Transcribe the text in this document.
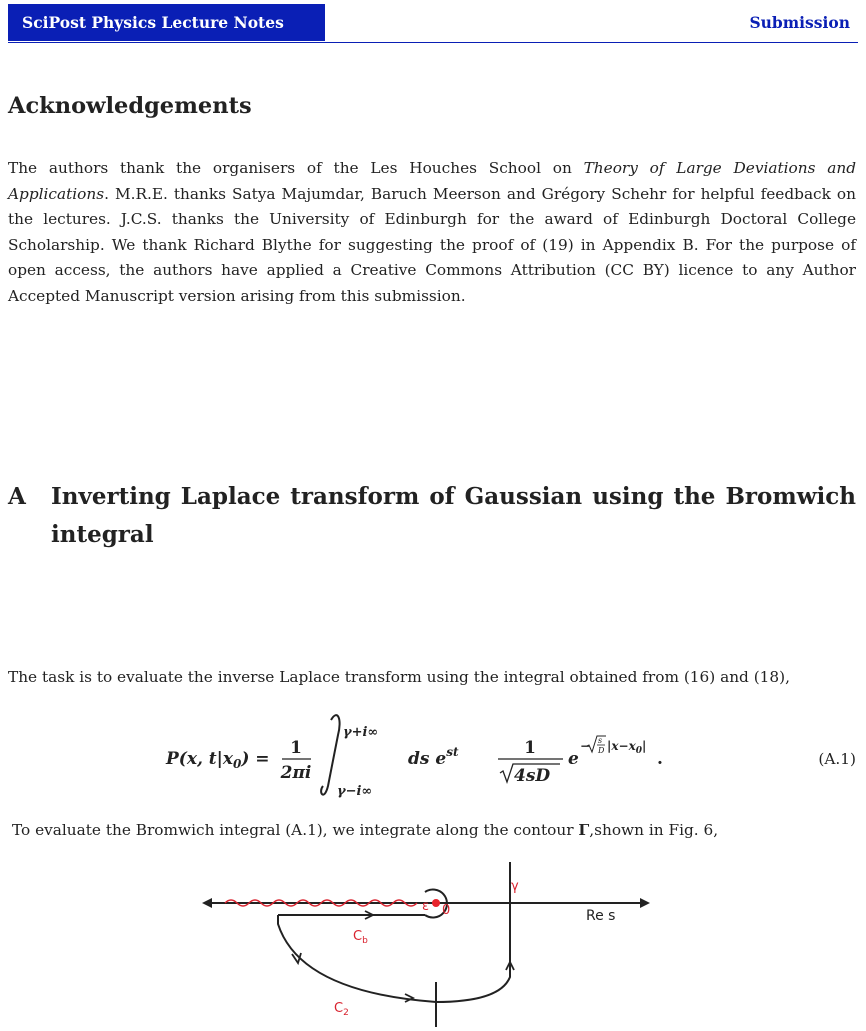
SciPost Physics Lecture Notes	Submission
Acknowledgements

The authors thank the organisers of the Les Houches School on Theory of Large Deviations and Applications. M.R.E. thanks Satya Majumdar, Baruch Meerson and Grégory Schehr for helpful feedback on the lectures. J.C.S. thanks the University of Edinburgh for the award of Edinburgh Doctoral College Scholarship. We thank Richard Blythe for suggesting the proof of (19) in Appendix B. For the purpose of open access, the authors have applied a Creative Commons Attribution (CC BY) licence to any Author Accepted Manuscript version arising from this submission.

A Inverting Laplace transform of Gaussian using the Bromwich integral

The task is to evaluate the inverse Laplace transform using the integral obtained from (16) and (18),

P(x, $t|x_0$) =
1
2πi
γ+i∞
γ−i∞
ds $e^{st}$	1
4sD
e
− s
D $|x-x_0|$
.	(A.1)

To evaluate the Bromwich integral (A.1), we integrate along the contour Γ,shown in Fig. 6,

$C_b$
$C_2$
ε 0
γ
Re s
